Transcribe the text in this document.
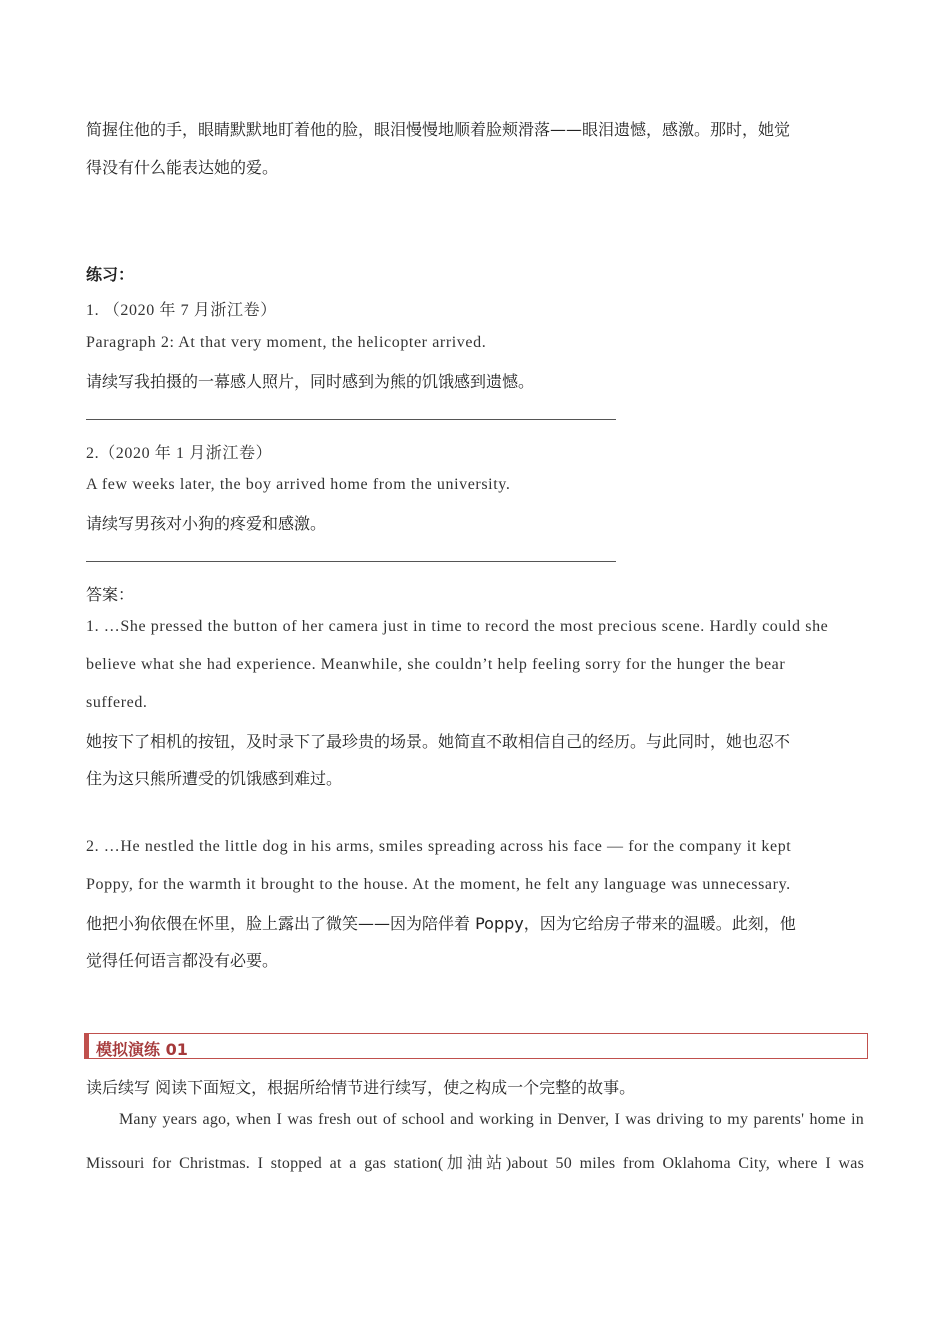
简握住他的手，眼睛默默地盯着他的脸，眼泪慢慢地顺着脸颊滑落——眼泪遗憾，感激。那时，她觉
得没有什么能表达她的爱。
练习：
1. （2020 年 7 月浙江卷）
Paragraph 2: At that very moment, the helicopter arrived.
请续写我拍摄的一幕感人照片，同时感到为熊的饥饿感到遗憾。
2.（2020 年 1 月浙江卷）
A few weeks later, the boy arrived home from the university.
请续写男孩对小狗的疼爱和感激。
答案：
1. …She pressed the button of her camera just in time to record the most precious scene. Hardly could she
believe what she had experience. Meanwhile, she couldn’t help feeling sorry for the hunger the bear
suffered.
她按下了相机的按钮，及时录下了最珍贵的场景。她简直不敢相信自己的经历。与此同时，她也忍不
住为这只熊所遭受的饥饿感到难过。
2. …He nestled the little dog in his arms, smiles spreading across his face — for the company it kept
Poppy, for the warmth it brought to the house. At the moment, he felt any language was unnecessary.
他把小狗依偎在怀里，脸上露出了微笑——因为陪伴着 Poppy，因为它给房子带来的温暖。此刻，他
觉得任何语言都没有必要。
模拟演练 01
读后续写 阅读下面短文，根据所给情节进行续写，使之构成一个完整的故事。
Many years ago, when I was fresh out of school and working in Denver, I was driving to my parents' home in
Missouri for Christmas. I stopped at a gas station(加油站)about 50 miles from Oklahoma City, where I was
